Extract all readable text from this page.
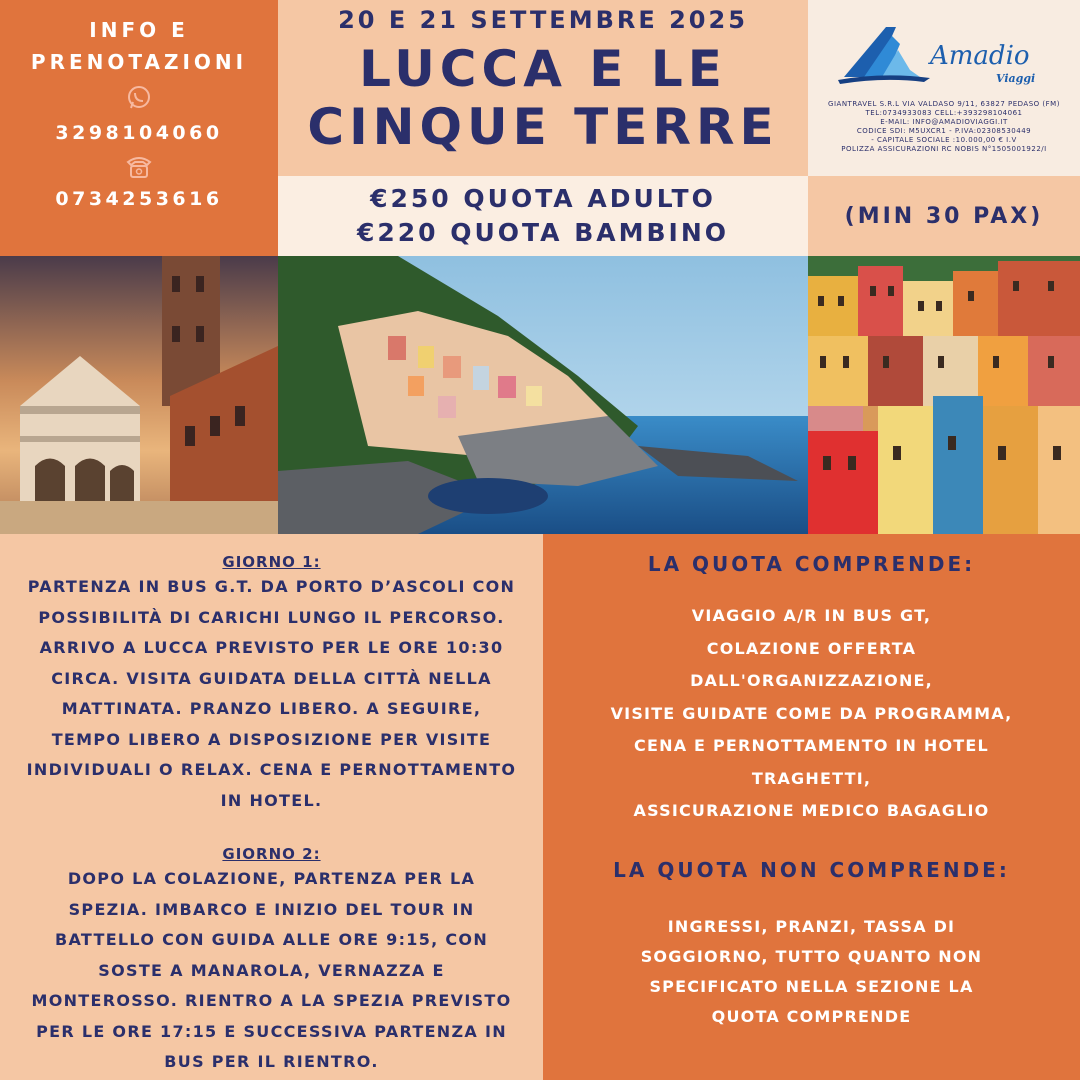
INFO E
PRENOTAZIONI
3298104060
0734253616
20 E 21 SETTEMBRE 2025
LUCCA E LE
CINQUE TERRE
€250 QUOTA ADULTO
€220 QUOTA BAMBINO
Amadio
Viaggi
GIANTRAVEL S.R.L VIA VALDASO 9/11, 63827 PEDASO (FM)
TEL:0734933083 CELL:+393298104061
E-MAIL: INFO@AMADIOVIAGGI.IT
CODICE SDI: M5UXCR1 - P.IVA:02308530449
- CAPITALE SOCIALE :10.000,00 € I.V
POLIZZA ASSICURAZIONI RC NOBIS N°1505001922/I
(MIN 30 PAX)
GIORNO 1:
PARTENZA IN BUS G.T. DA PORTO D’ASCOLI CON POSSIBILITÀ DI CARICHI LUNGO IL PERCORSO. ARRIVO A LUCCA PREVISTO PER LE ORE 10:30 CIRCA. VISITA GUIDATA DELLA CITTÀ NELLA MATTINATA. PRANZO LIBERO. A SEGUIRE, TEMPO LIBERO A DISPOSIZIONE PER VISITE INDIVIDUALI O RELAX. CENA E PERNOTTAMENTO IN HOTEL.
GIORNO 2:
DOPO LA COLAZIONE, PARTENZA PER LA SPEZIA. IMBARCO E INIZIO DEL TOUR IN BATTELLO CON GUIDA ALLE ORE 9:15, CON SOSTE A MANAROLA, VERNAZZA E MONTEROSSO. RIENTRO A LA SPEZIA PREVISTO PER LE ORE 17:15 E SUCCESSIVA PARTENZA IN BUS PER IL RIENTRO.
LA QUOTA COMPRENDE:
VIAGGIO A/R IN BUS GT,
COLAZIONE OFFERTA
DALL'ORGANIZZAZIONE,
VISITE GUIDATE COME DA PROGRAMMA,
CENA E PERNOTTAMENTO IN HOTEL
TRAGHETTI,
ASSICURAZIONE MEDICO BAGAGLIO
LA QUOTA NON COMPRENDE:
INGRESSI, PRANZI, TASSA DI
SOGGIORNO, TUTTO QUANTO NON
SPECIFICATO NELLA SEZIONE LA
QUOTA COMPRENDE
